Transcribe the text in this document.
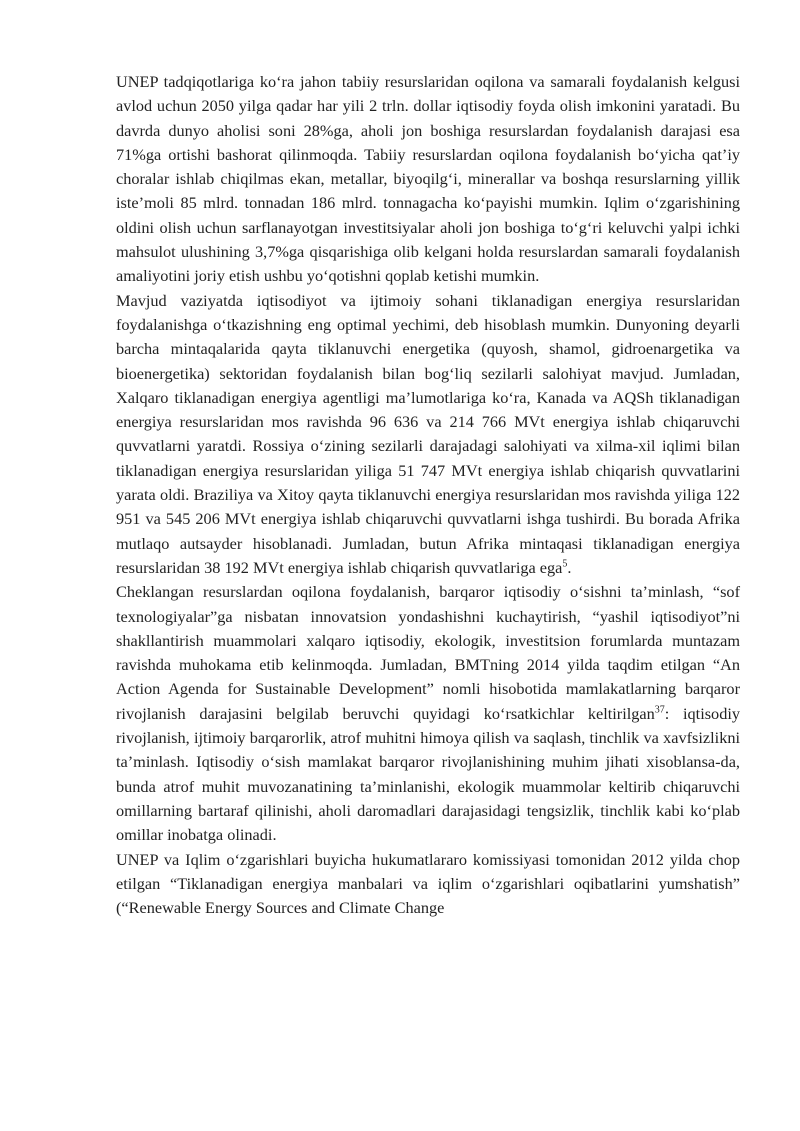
UNEP tadqiqotlariga ko‘ra jahon tabiiy resurslaridan oqilona va samarali foydalanish kelgusi avlod uchun 2050 yilga qadar har yili 2 trln. dollar iqtisodiy foyda olish imkonini yaratadi. Bu davrda dunyo aholisi soni 28%ga, aholi jon boshiga resurslardan foydalanish darajasi esa 71%ga ortishi bashorat qilinmoqda. Tabiiy resurslardan oqilona foydalanish bo‘yicha qat’iy choralar ishlab chiqilmas ekan, metallar, biyoqilg‘i, minerallar va boshqa resurslarning yillik iste’moli 85 mlrd. tonnadan 186 mlrd. tonnagacha ko‘payishi mumkin. Iqlim o‘zgarishining oldini olish uchun sarflanayotgan investitsiyalar aholi jon boshiga to‘g‘ri keluvchi yalpi ichki mahsulot ulushining 3,7%ga qisqarishiga olib kelgani holda resurslardan samarali foydalanish amaliyotini joriy etish ushbu yo‘qotishni qoplab ketishi mumkin.

Mavjud vaziyatda iqtisodiyot va ijtimoiy sohani tiklanadigan energiya resurslaridan foydalanishga o‘tkazishning eng optimal yechimi, deb hisoblash mumkin. Dunyoning deyarli barcha mintaqalarida qayta tiklanuvchi energetika (quyosh, shamol, gidroenargetika va bioenergetika) sektoridan foydalanish bilan bog‘liq sezilarli salohiyat mavjud. Jumladan, Xalqaro tiklanadigan energiya agentligi ma’lumotlariga ko‘ra, Kanada va AQSh tiklanadigan energiya resurslaridan mos ravishda 96 636 va 214 766 MVt energiya ishlab chiqaruvchi quvvatlarni yaratdi. Rossiya o‘zining sezilarli darajadagi salohiyati va xilma-xil iqlimi bilan tiklanadigan energiya resurslaridan yiliga 51 747 MVt energiya ishlab chiqarish quvvatlarini yarata oldi. Braziliya va Xitoy qayta tiklanuvchi energiya resurslaridan mos ravishda yiliga 122 951 va 545 206 MVt energiya ishlab chiqaruvchi quvvatlarni ishga tushirdi. Bu borada Afrika mutlaqo autsayder hisoblanadi. Jumladan, butun Afrika mintaqasi tiklanadigan energiya resurslaridan 38 192 MVt energiya ishlab chiqarish quvvatlariga ega$^5$.

Cheklangan resurslardan oqilona foydalanish, barqaror iqtisodiy o‘sishni ta’minlash, “sof texnologiyalar”ga nisbatan innovatsion yondashishni kuchaytirish, “yashil iqtisodiyot”ni shakllantirish muammolari xalqaro iqtisodiy, ekologik, investitsion forumlarda muntazam ravishda muhokama etib kelinmoqda. Jumladan, BMTning 2014 yilda taqdim etilgan “An Action Agenda for Sustainable Development” nomli hisobotida mamlakatlarning barqaror rivojlanish darajasini belgilab beruvchi quyidagi ko‘rsatkichlar keltirilgan$^{37}$: iqtisodiy rivojlanish, ijtimoiy barqarorlik, atrof muhitni himoya qilish va saqlash, tinchlik va xavfsizlikni ta’minlash. Iqtisodiy o‘sish mamlakat barqaror rivojlanishining muhim jihati xisoblansa-da, bunda atrof muhit muvozanatining ta’minlanishi, ekologik muammolar keltirib chiqaruvchi omillarning bartaraf qilinishi, aholi daromadlari darajasidagi tengsizlik, tinchlik kabi ko‘plab omillar inobatga olinadi.

UNEP va Iqlim o‘zgarishlari buyicha hukumatlararo komissiyasi tomonidan 2012 yilda chop etilgan “Tiklanadigan energiya manbalari va iqlim o‘zgarishlari oqibatlarini yumshatish” (“Renewable Energy Sources and Climate Change
